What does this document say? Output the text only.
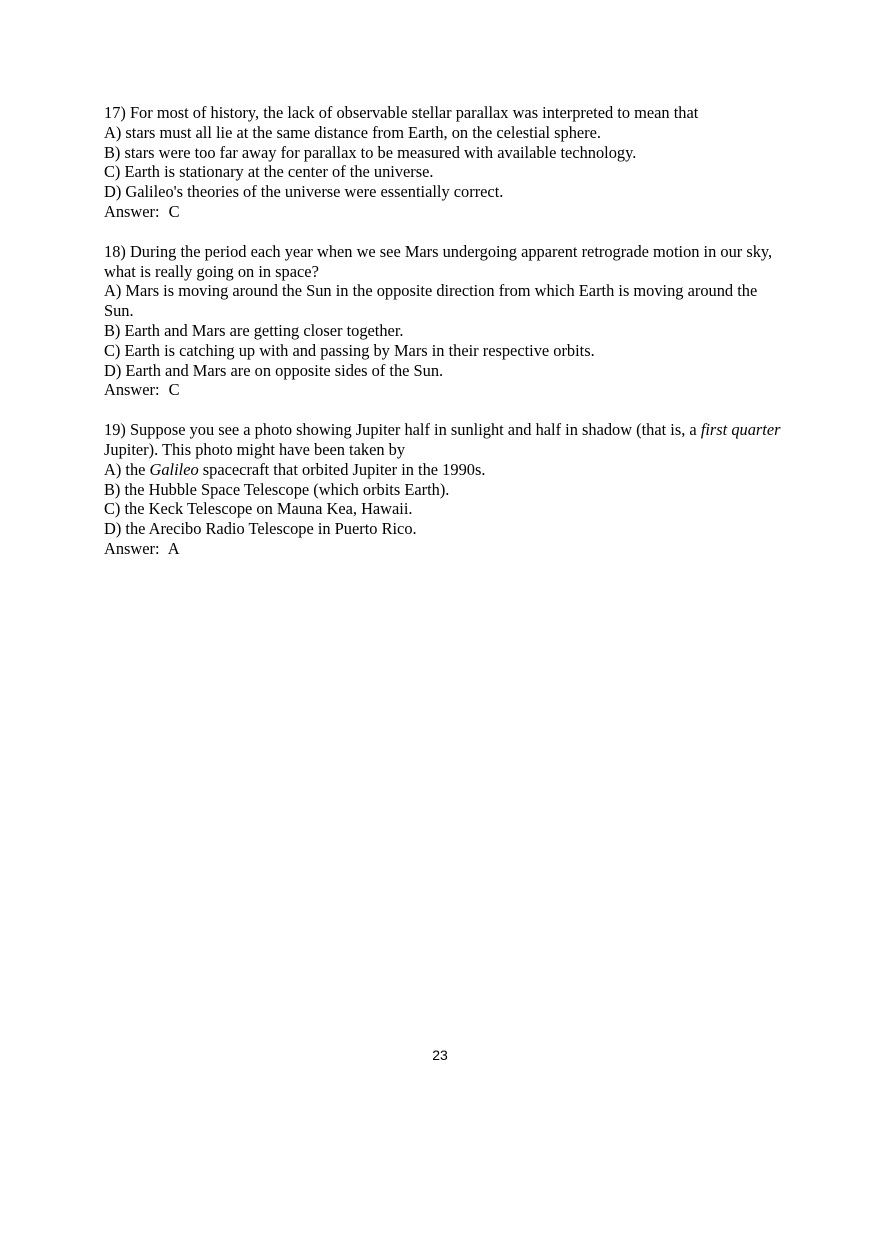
17) For most of history, the lack of observable stellar parallax was interpreted to mean that

A) stars must all lie at the same distance from Earth, on the celestial sphere.

B) stars were too far away for parallax to be measured with available technology.

C) Earth is stationary at the center of the universe.

D) Galileo's theories of the universe were essentially correct.

Answer: C

18) During the period each year when we see Mars undergoing apparent retrograde motion in our sky, what is really going on in space?

A) Mars is moving around the Sun in the opposite direction from which Earth is moving around the Sun.

B) Earth and Mars are getting closer together.

C) Earth is catching up with and passing by Mars in their respective orbits.

D) Earth and Mars are on opposite sides of the Sun.

Answer: C

19) Suppose you see a photo showing Jupiter half in sunlight and half in shadow (that is, a first quarter Jupiter). This photo might have been taken by

A) the Galileo spacecraft that orbited Jupiter in the 1990s.

B) the Hubble Space Telescope (which orbits Earth).

C) the Keck Telescope on Mauna Kea, Hawaii.

D) the Arecibo Radio Telescope in Puerto Rico.

Answer: A

23
